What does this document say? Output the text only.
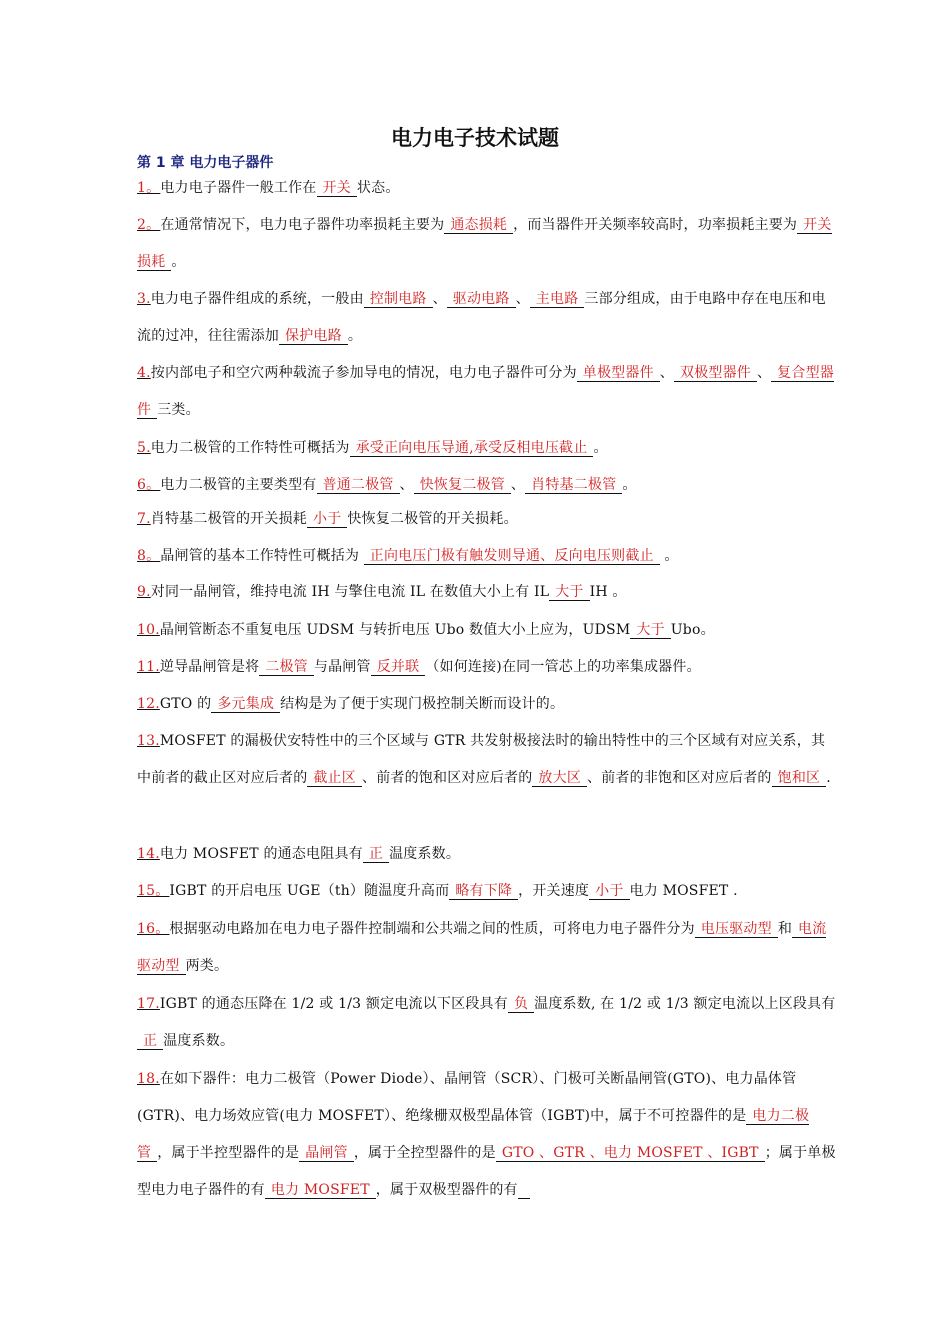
电力电子技术试题
第 1 章 电力电子器件
1。电力电子器件一般工作在 开关 状态。
2。在通常情况下，电力电子器件功率损耗主要为 通态损耗 ，而当器件开关频率较高时，功率损耗主要为 开关损耗 。
3.电力电子器件组成的系统，一般由 控制电路 、 驱动电路 、 主电路 三部分组成，由于电路中存在电压和电流的过冲，往往需添加 保护电路 。
4.按内部电子和空穴两种载流子参加导电的情况，电力电子器件可分为 单极型器件 、 双极型器件 、 复合型器件 三类。
5.电力二极管的工作特性可概括为 承受正向电压导通,承受反相电压截止 。
6。电力二极管的主要类型有 普通二极管 、 快恢复二极管 、 肖特基二极管 。
7.肖特基二极管的开关损耗 小于 快恢复二极管的开关损耗。
8。晶闸管的基本工作特性可概括为 正向电压门极有触发则导通、反向电压则截止 。
9.对同一晶闸管，维持电流 IH 与擎住电流 IL 在数值大小上有 IL 大于 IH 。
10.晶闸管断态不重复电压 UDSM 与转折电压 Ubo 数值大小上应为，UDSM 大于 Ubo。
11.逆导晶闸管是将 二极管 与晶闸管 反并联 （如何连接)在同一管芯上的功率集成器件。
12.GTO 的 多元集成 结构是为了便于实现门极控制关断而设计的。
13.MOSFET 的漏极伏安特性中的三个区域与 GTR 共发射极接法时的输出特性中的三个区域有对应关系，其中前者的截止区对应后者的 截止区 、前者的饱和区对应后者的 放大区 、前者的非饱和区对应后者的 饱和区 .
14.电力 MOSFET 的通态电阻具有 正 温度系数。
15。IGBT 的开启电压 UGE（th）随温度升高而 略有下降 ，开关速度 小于 电力 MOSFET .
16。根据驱动电路加在电力电子器件控制端和公共端之间的性质，可将电力电子器件分为 电压驱动型 和 电流驱动型 两类。
17.IGBT 的通态压降在 1/2 或 1/3 额定电流以下区段具有 负 温度系数, 在 1/2 或 1/3 额定电流以上区段具有正 温度系数。
18.在如下器件：电力二极管（Power Diode）、晶闸管（SCR）、门极可关断晶闸管(GTO)、电力晶体管(GTR)、电力场效应管(电力 MOSFET）、绝缘栅双极型晶体管（IGBT)中，属于不可控器件的是 电力二极管 ，属于半控型器件的是 晶闸管 ，属于全控型器件的是 GTO 、GTR 、电力 MOSFET 、IGBT ；属于单极型电力电子器件的有 电力 MOSFET ，属于双极型器件的有
